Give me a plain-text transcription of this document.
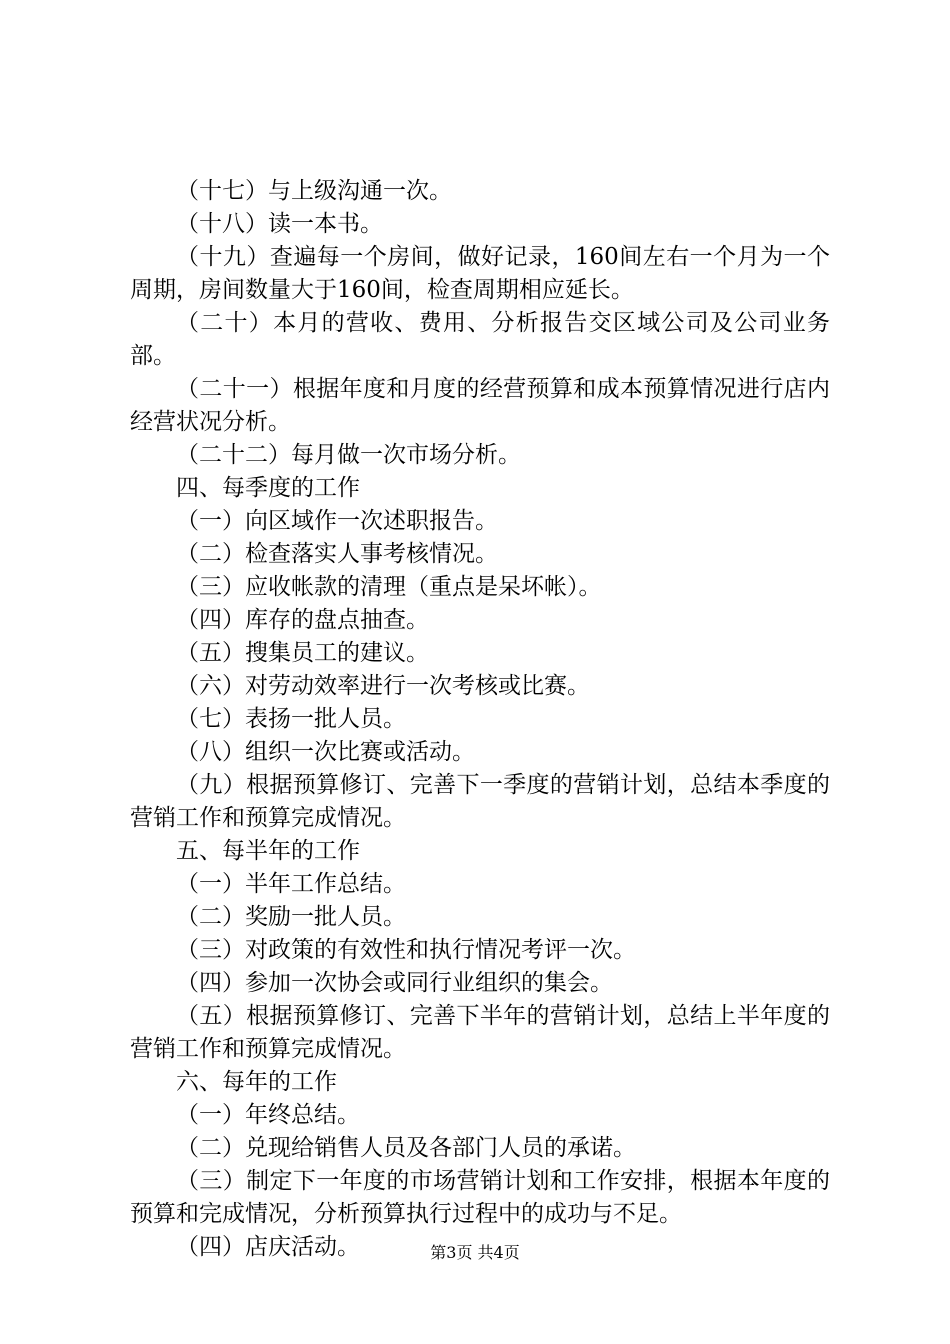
（十七）与上级沟通一次。

（十八）读一本书。

（十九）查遍每一个房间，做好记录，160间左右一个月为一个周期，房间数量大于160间，检查周期相应延长。

（二十）本月的营收、费用、分析报告交区域公司及公司业务部。

（二十一）根据年度和月度的经营预算和成本预算情况进行店内经营状况分析。

（二十二）每月做一次市场分析。

四、每季度的工作

（一）向区域作一次述职报告。

（二）检查落实人事考核情况。

（三）应收帐款的清理（重点是呆坏帐）。

（四）库存的盘点抽查。

（五）搜集员工的建议。

（六）对劳动效率进行一次考核或比赛。

（七）表扬一批人员。

（八）组织一次比赛或活动。

（九）根据预算修订、完善下一季度的营销计划，总结本季度的营销工作和预算完成情况。

五、每半年的工作

（一）半年工作总结。

（二）奖励一批人员。

（三）对政策的有效性和执行情况考评一次。

（四）参加一次协会或同行业组织的集会。

（五）根据预算修订、完善下半年的营销计划，总结上半年度的营销工作和预算完成情况。

六、每年的工作

（一）年终总结。

（二）兑现给销售人员及各部门人员的承诺。

（三）制定下一年度的市场营销计划和工作安排，根据本年度的预算和完成情况，分析预算执行过程中的成功与不足。

（四）店庆活动。	第3页 共4页
